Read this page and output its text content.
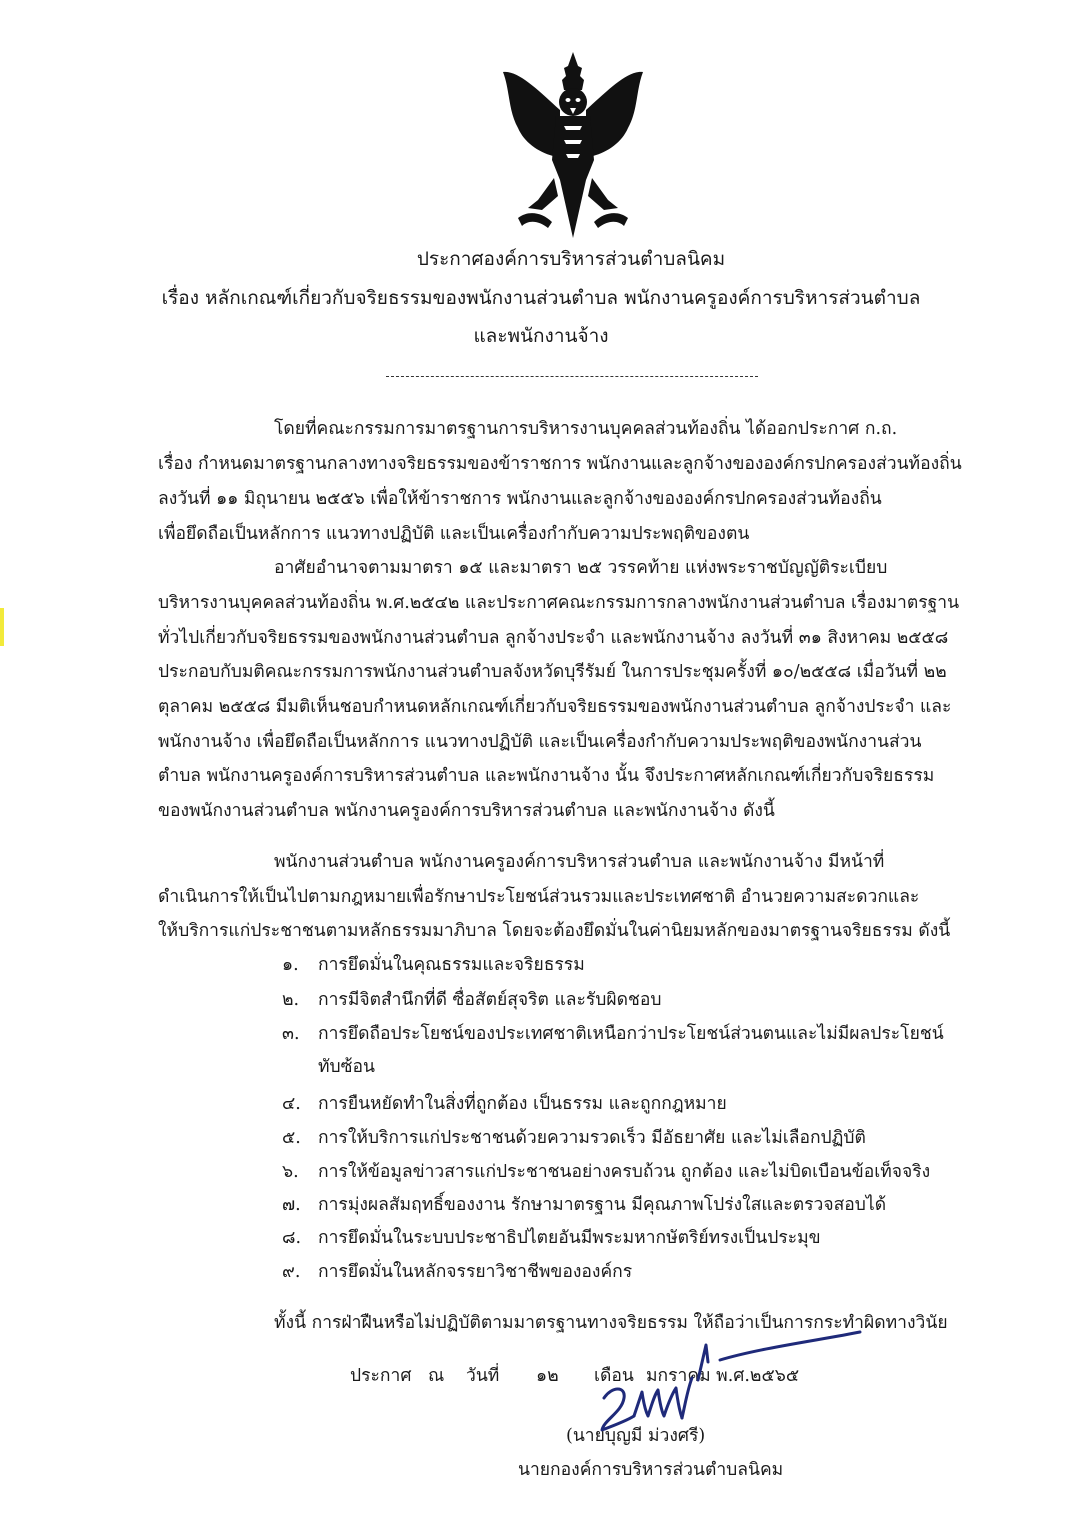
ประกาศองค์การบริหารส่วนตำบลนิคม
เรื่อง หลักเกณฑ์เกี่ยวกับจริยธรรมของพนักงานส่วนตำบล พนักงานครูองค์การบริหารส่วนตำบล
และพนักงานจ้าง
โดยที่คณะกรรมการมาตรฐานการบริหารงานบุคคลส่วนท้องถิ่น ได้ออกประกาศ ก.ถ.
เรื่อง กำหนดมาตรฐานกลางทางจริยธรรมของข้าราชการ พนักงานและลูกจ้างขององค์กรปกครองส่วนท้องถิ่น
ลงวันที่ ๑๑ มิถุนายน ๒๕๕๖ เพื่อให้ข้าราชการ พนักงานและลูกจ้างขององค์กรปกครองส่วนท้องถิ่น
เพื่อยึดถือเป็นหลักการ แนวทางปฏิบัติ และเป็นเครื่องกำกับความประพฤติของตน
อาศัยอำนาจตามมาตรา ๑๕ และมาตรา ๒๕ วรรคท้าย แห่งพระราชบัญญัติระเบียบ
บริหารงานบุคคลส่วนท้องถิ่น พ.ศ.๒๕๔๒ และประกาศคณะกรรมการกลางพนักงานส่วนตำบล เรื่องมาตรฐาน
ทั่วไปเกี่ยวกับจริยธรรมของพนักงานส่วนตำบล ลูกจ้างประจำ และพนักงานจ้าง ลงวันที่ ๓๑ สิงหาคม ๒๕๕๘
ประกอบกับมติคณะกรรมการพนักงานส่วนตำบลจังหวัดบุรีรัมย์ ในการประชุมครั้งที่ ๑๐/๒๕๕๘ เมื่อวันที่ ๒๒
ตุลาคม ๒๕๕๘ มีมติเห็นชอบกำหนดหลักเกณฑ์เกี่ยวกับจริยธรรมของพนักงานส่วนตำบล ลูกจ้างประจำ และ
พนักงานจ้าง เพื่อยึดถือเป็นหลักการ แนวทางปฏิบัติ และเป็นเครื่องกำกับความประพฤติของพนักงานส่วน
ตำบล พนักงานครูองค์การบริหารส่วนตำบล และพนักงานจ้าง นั้น จึงประกาศหลักเกณฑ์เกี่ยวกับจริยธรรม
ของพนักงานส่วนตำบล พนักงานครูองค์การบริหารส่วนตำบล และพนักงานจ้าง ดังนี้
พนักงานส่วนตำบล พนักงานครูองค์การบริหารส่วนตำบล และพนักงานจ้าง มีหน้าที่
ดำเนินการให้เป็นไปตามกฎหมายเพื่อรักษาประโยชน์ส่วนรวมและประเทศชาติ อำนวยความสะดวกและ
ให้บริการแก่ประชาชนตามหลักธรรมมาภิบาล โดยจะต้องยึดมั่นในค่านิยมหลักของมาตรฐานจริยธรรม ดังนี้
๑. การยึดมั่นในคุณธรรมและจริยธรรม
๒. การมีจิตสำนึกที่ดี ซื่อสัตย์สุจริต และรับผิดชอบ
๓. การยึดถือประโยชน์ของประเทศชาติเหนือกว่าประโยชน์ส่วนตนและไม่มีผลประโยชน์
ทับซ้อน
๔. การยืนหยัดทำในสิ่งที่ถูกต้อง เป็นธรรม และถูกกฎหมาย
๕. การให้บริการแก่ประชาชนด้วยความรวดเร็ว มีอัธยาศัย และไม่เลือกปฏิบัติ
๖. การให้ข้อมูลข่าวสารแก่ประชาชนอย่างครบถ้วน ถูกต้อง และไม่บิดเบือนข้อเท็จจริง
๗. การมุ่งผลสัมฤทธิ์ของงาน รักษามาตรฐาน มีคุณภาพโปร่งใสและตรวจสอบได้
๘. การยึดมั่นในระบบประชาธิปไตยอันมีพระมหากษัตริย์ทรงเป็นประมุข
๙. การยึดมั่นในหลักจรรยาวิชาชีพขององค์กร
ทั้งนี้ การฝ่าฝืนหรือไม่ปฏิบัติตามมาตรฐานทางจริยธรรม ให้ถือว่าเป็นการกระทำผิดทางวินัย
ประกาศ ณ วันที่ ๑๒ เดือน มกราคม พ.ศ.๒๕๖๕
(นายบุญมี ม่วงศรี)
นายกองค์การบริหารส่วนตำบลนิคม
